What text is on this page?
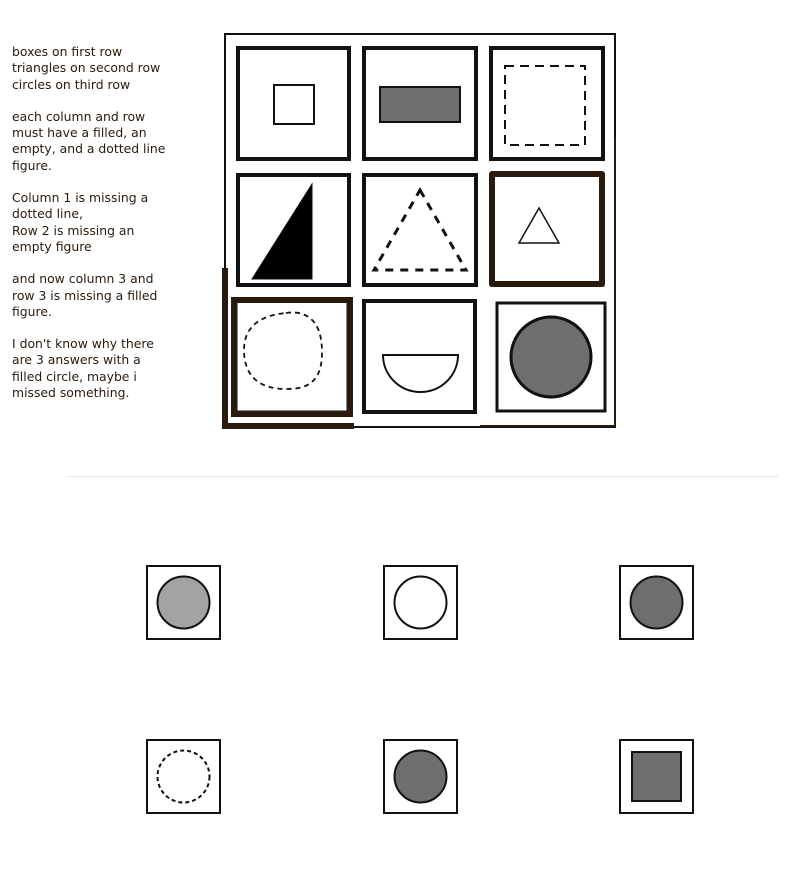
boxes on first row
triangles on second row
circles on third row

each column and row
must have a filled, an
empty, and a dotted line
figure.

Column 1 is missing a
dotted line,
Row 2 is missing an
empty figure

and now column 3 and
row 3 is missing a filled
figure.

I don't know why there
are 3 answers with a
filled circle, maybe i
missed something.
